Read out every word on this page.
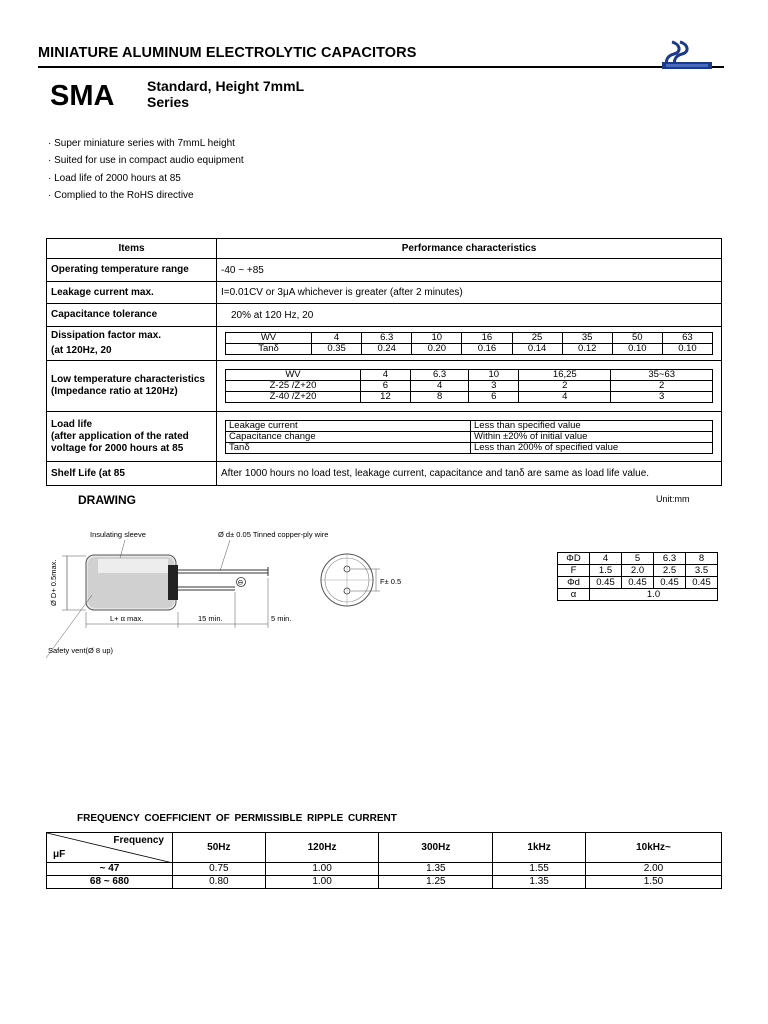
MINIATURE ALUMINUM ELECTROLYTIC CAPACITORS
SMA Standard, Height 7mmL
Series
· Super miniature series with 7mmL height
· Suited for use in compact audio equipment
· Load life of 2000 hours at 85
· Complied to the RoHS directive
Items	Performance characteristics
Operating temperature range	-40 ~ +85
Leakage current max.	I=0.01CV or 3μA whichever is greater (after 2 minutes)
Capacitance tolerance	20% at 120 Hz, 20

Dissipation factor max.
(at 120Hz, 20

WV	4	6.3	10	16	25	35	50	63
Tanδ	0.35	0.24	0.20	0.16	0.14	0.12	0.10	0.10

Low temperature characteristics
(Impedance ratio at 120Hz)

WV	4	6.3	10	16,25	35~63
Z-25 /Z+20	6	4	3	2	2
Z-40 /Z+20	12	8	6	4	3

Load life
(after application of the rated
voltage for 2000 hours at 85

Leakage current	Less than specified value
Capacitance change	Within ±20% of initial value
Tanδ	Less than 200% of specified value

Shelf Life (at 85	After 1000 hours no load test, leakage current, capacitance and tanδ are same as load life value.
DRAWING	Unit:mm
⊖
Ø D+ 0.5max.
L+ α max.	15 min.	5 min.
Insulating sleeve	Ø d± 0.05 Tinned copper-ply wire
Safety vent(Ø 8 up)
F± 0.5
ΦD	4	5	6.3	8
F	1.5	2.0	2.5	3.5
Φd	0.45	0.45	0.45	0.45
α	1.0			
FREQUENCY COEFFICIENT OF PERMISSIBLE RIPPLE CURRENT
Frequency
μF	50Hz	120Hz	300Hz	1kHz	10kHz~
~ 47	0.75	1.00	1.35	1.55	2.00
68 ~ 680	0.80	1.00	1.25	1.35	1.50
